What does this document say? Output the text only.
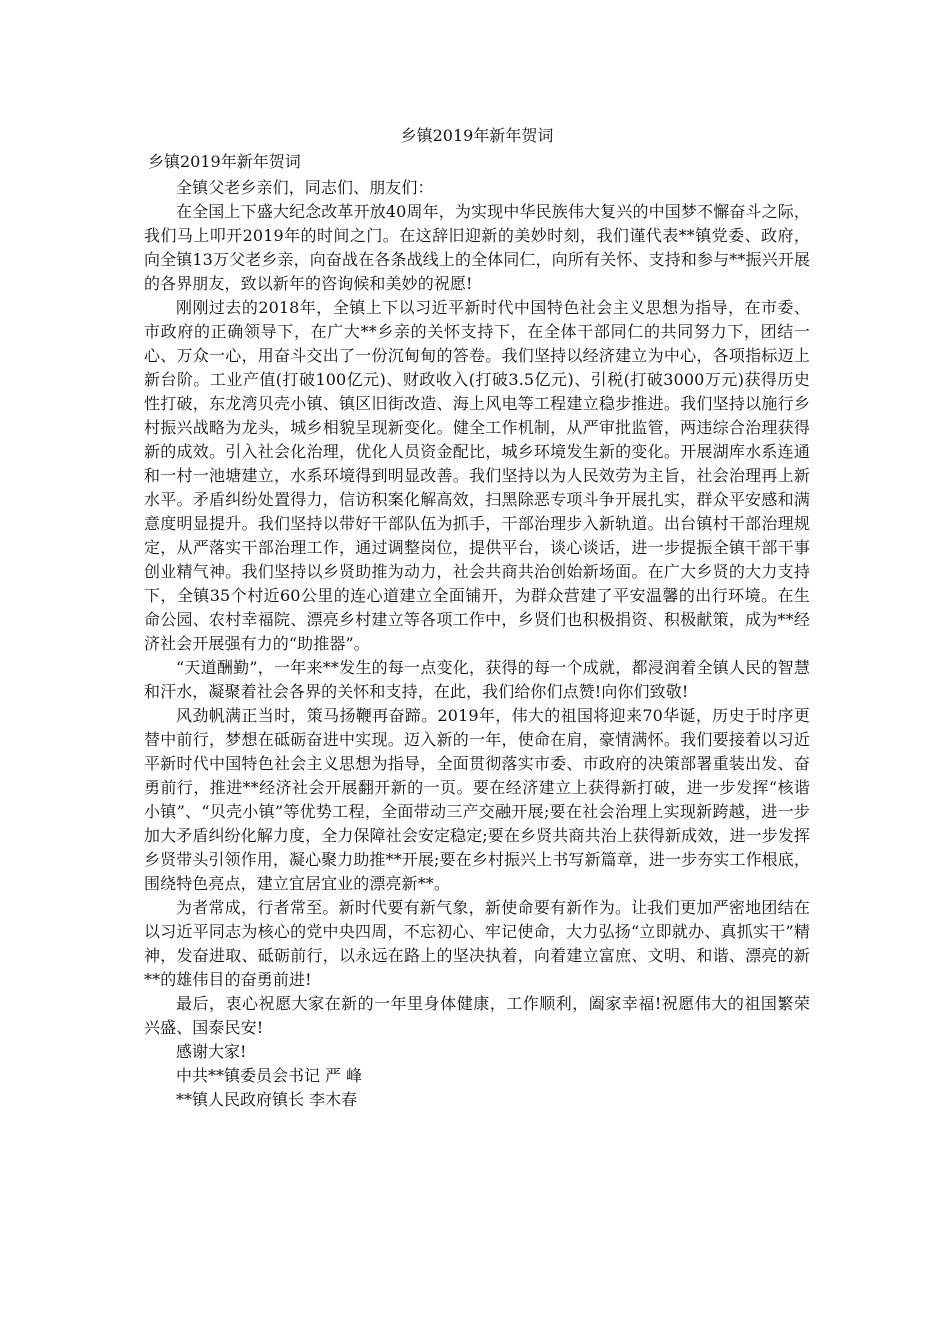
乡镇2019年新年贺词
乡镇2019年新年贺词

全镇父老乡亲们，同志们、朋友们：

在全国上下盛大纪念改革开放40周年，为实现中华民族伟大复兴的中国梦不懈奋斗之际，我们马上叩开2019年的时间之门。在这辞旧迎新的美妙时刻，我们谨代表**镇党委、政府，向全镇13万父老乡亲，向奋战在各条战线上的全体同仁，向所有关怀、支持和参与**振兴开展的各界朋友，致以新年的咨询候和美妙的祝愿!

刚刚过去的2018年，全镇上下以习近平新时代中国特色社会主义思想为指导，在市委、市政府的正确领导下，在广大**乡亲的关怀支持下，在全体干部同仁的共同努力下，团结一心、万众一心，用奋斗交出了一份沉甸甸的答卷。我们坚持以经济建立为中心，各项指标迈上新台阶。工业产值(打破100亿元)、财政收入(打破3.5亿元)、引税(打破3000万元)获得历史性打破，东龙湾贝壳小镇、镇区旧街改造、海上风电等工程建立稳步推进。我们坚持以施行乡村振兴战略为龙头，城乡相貌呈现新变化。健全工作机制，从严审批监管，两违综合治理获得新的成效。引入社会化治理，优化人员资金配比，城乡环境发生新的变化。开展湖库水系连通和一村一池塘建立，水系环境得到明显改善。我们坚持以为人民效劳为主旨，社会治理再上新水平。矛盾纠纷处置得力，信访积案化解高效，扫黑除恶专项斗争开展扎实，群众平安感和满意度明显提升。我们坚持以带好干部队伍为抓手，干部治理步入新轨道。出台镇村干部治理规定，从严落实干部治理工作，通过调整岗位，提供平台，谈心谈话，进一步提振全镇干部干事创业精气神。我们坚持以乡贤助推为动力，社会共商共治创始新场面。在广大乡贤的大力支持下，全镇35个村近60公里的连心道建立全面铺开，为群众营建了平安温馨的出行环境。在生命公园、农村幸福院、漂亮乡村建立等各项工作中，乡贤们也积极捐资、积极献策，成为**经济社会开展强有力的“助推器”。

“天道酬勤”，一年来**发生的每一点变化，获得的每一个成就，都浸润着全镇人民的智慧和汗水，凝聚着社会各界的关怀和支持，在此，我们给你们点赞!向你们致敬!

风劲帆满正当时，策马扬鞭再奋蹄。2019年，伟大的祖国将迎来70华诞，历史于时序更替中前行，梦想在砥砺奋进中实现。迈入新的一年，使命在肩，豪情满怀。我们要接着以习近平新时代中国特色社会主义思想为指导，全面贯彻落实市委、市政府的决策部署重装出发、奋勇前行，推进**经济社会开展翻开新的一页。要在经济建立上获得新打破，进一步发挥“核谐小镇”、“贝壳小镇”等优势工程，全面带动三产交融开展;要在社会治理上实现新跨越，进一步加大矛盾纠纷化解力度，全力保障社会安定稳定;要在乡贤共商共治上获得新成效，进一步发挥乡贤带头引领作用，凝心聚力助推**开展;要在乡村振兴上书写新篇章，进一步夯实工作根底，围绕特色亮点，建立宜居宜业的漂亮新**。

为者常成，行者常至。新时代要有新气象，新使命要有新作为。让我们更加严密地团结在以习近平同志为核心的党中央四周，不忘初心、牢记使命，大力弘扬“立即就办、真抓实干”精神，发奋进取、砥砺前行，以永远在路上的坚决执着，向着建立富庶、文明、和谐、漂亮的新**的雄伟目的奋勇前进!

最后，衷心祝愿大家在新的一年里身体健康，工作顺利，阖家幸福!祝愿伟大的祖国繁荣兴盛、国泰民安!

感谢大家!
中共**镇委员会书记 严 峰
**镇人民政府镇长 李木春
